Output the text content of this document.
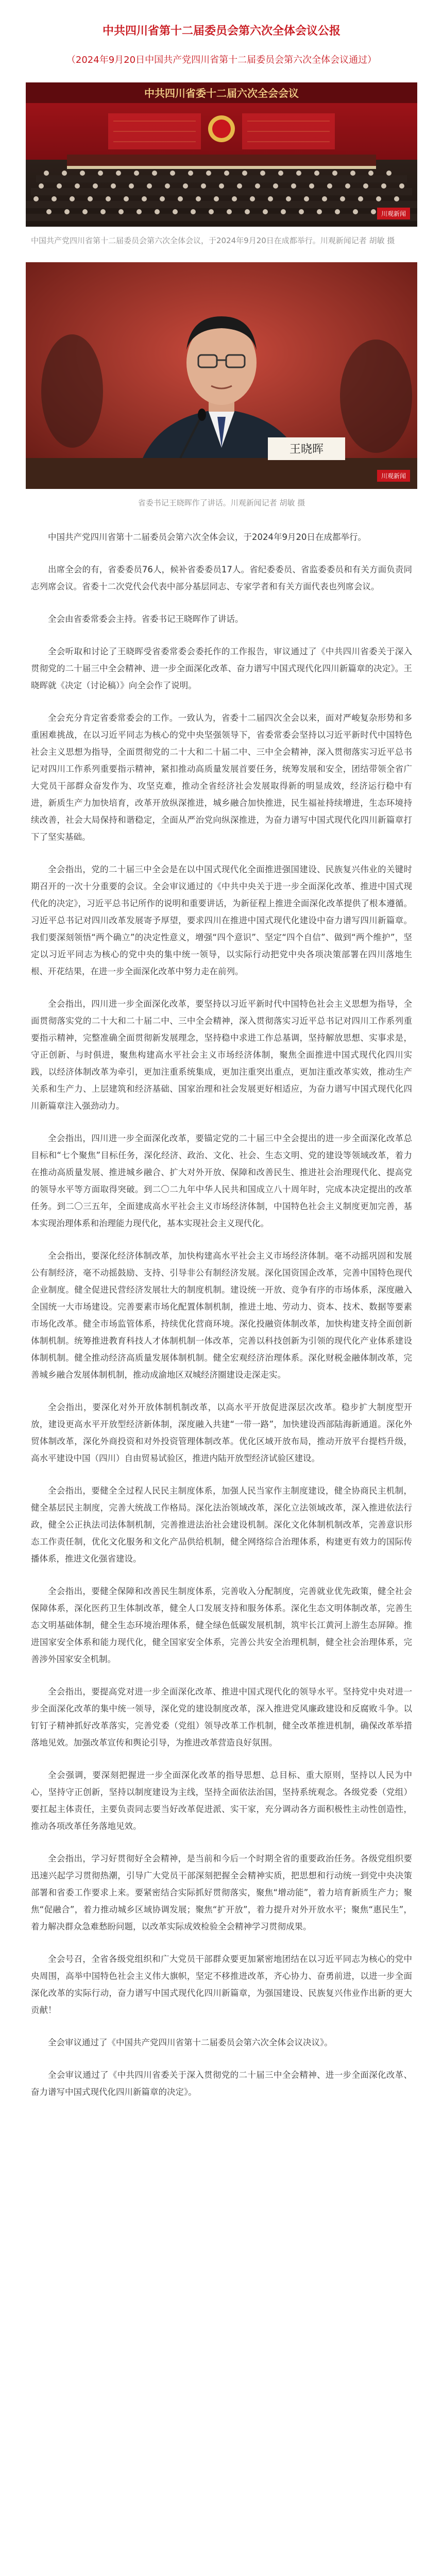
中共四川省第十二届委员会第六次全体会议公报
（2024年9月20日中国共产党四川省第十二届委员会第六次全体会议通过）
中共四川省委十二届六次全会会议
川观新闻
中国共产党四川省第十二届委员会第六次全体会议，于2024年9月20日在成都举行。川观新闻记者 胡敏 摄
王晓晖
川观新闻
省委书记王晓晖作了讲话。川观新闻记者 胡敏 摄

中国共产党四川省第十二届委员会第六次全体会议，于2024年9月20日在成都举行。

出席全会的有，省委委员76人，候补省委委员17人。省纪委委员、省监委委员和有关方面负责同志列席会议。省委十二次党代会代表中部分基层同志、专家学者和有关方面代表也列席会议。

全会由省委常委会主持。省委书记王晓晖作了讲话。

全会听取和讨论了王晓晖受省委常委会委托作的工作报告，审议通过了《中共四川省委关于深入贯彻党的二十届三中全会精神、进一步全面深化改革、奋力谱写中国式现代化四川新篇章的决定》。王晓晖就《决定（讨论稿）》向全会作了说明。

全会充分肯定省委常委会的工作。一致认为，省委十二届四次全会以来，面对严峻复杂形势和多重困难挑战，在以习近平同志为核心的党中央坚强领导下，省委常委会坚持以习近平新时代中国特色社会主义思想为指导，全面贯彻党的二十大和二十届二中、三中全会精神，深入贯彻落实习近平总书记对四川工作系列重要指示精神，紧扣推动高质量发展首要任务，统筹发展和安全，团结带领全省广大党员干部群众奋发作为、攻坚克难，推动全省经济社会发展取得新的明显成效，经济运行稳中有进，新质生产力加快培育，改革开放纵深推进，城乡融合加快推进，民生福祉持续增进，生态环境持续改善，社会大局保持和谐稳定，全面从严治党向纵深推进，为奋力谱写中国式现代化四川新篇章打下了坚实基础。

全会指出，党的二十届三中全会是在以中国式现代化全面推进强国建设、民族复兴伟业的关键时期召开的一次十分重要的会议。全会审议通过的《中共中央关于进一步全面深化改革、推进中国式现代化的决定》，习近平总书记所作的说明和重要讲话，为新征程上推进全面深化改革提供了根本遵循。习近平总书记对四川改革发展寄予厚望，要求四川在推进中国式现代化建设中奋力谱写四川新篇章。我们要深刻领悟“两个确立”的决定性意义，增强“四个意识”、坚定“四个自信”、做到“两个维护”，坚定以习近平同志为核心的党中央的集中统一领导，以实际行动把党中央各项决策部署在四川落地生根、开花结果，在进一步全面深化改革中努力走在前列。

全会指出，四川进一步全面深化改革，要坚持以习近平新时代中国特色社会主义思想为指导，全面贯彻落实党的二十大和二十届二中、三中全会精神，深入贯彻落实习近平总书记对四川工作系列重要指示精神，完整准确全面贯彻新发展理念，坚持稳中求进工作总基调，坚持解放思想、实事求是，守正创新、与时俱进，聚焦构建高水平社会主义市场经济体制，聚焦全面推进中国式现代化四川实践，以经济体制改革为牵引，更加注重系统集成，更加注重突出重点，更加注重改革实效，推动生产关系和生产力、上层建筑和经济基础、国家治理和社会发展更好相适应，为奋力谱写中国式现代化四川新篇章注入强劲动力。

全会指出，四川进一步全面深化改革，要锚定党的二十届三中全会提出的进一步全面深化改革总目标和“七个聚焦”目标任务，深化经济、政治、文化、社会、生态文明、党的建设等领域改革，着力在推动高质量发展、推进城乡融合、扩大对外开放、保障和改善民生、推进社会治理现代化、提高党的领导水平等方面取得突破。到二〇二九年中华人民共和国成立八十周年时，完成本决定提出的改革任务。到二〇三五年，全面建成高水平社会主义市场经济体制，中国特色社会主义制度更加完善，基本实现治理体系和治理能力现代化，基本实现社会主义现代化。

全会指出，要深化经济体制改革，加快构建高水平社会主义市场经济体制。毫不动摇巩固和发展公有制经济，毫不动摇鼓励、支持、引导非公有制经济发展。深化国资国企改革，完善中国特色现代企业制度。健全促进民营经济发展壮大的制度机制。建设统一开放、竞争有序的市场体系，深度融入全国统一大市场建设。完善要素市场化配置体制机制，推进土地、劳动力、资本、技术、数据等要素市场化改革。健全市场监管体系，持续优化营商环境。深化投融资体制改革，加快构建支持全面创新体制机制。统筹推进教育科技人才体制机制一体改革，完善以科技创新为引领的现代化产业体系建设体制机制。健全推动经济高质量发展体制机制。健全宏观经济治理体系。深化财税金融体制改革，完善城乡融合发展体制机制，推动成渝地区双城经济圈建设走深走实。

全会指出，要深化对外开放体制机制改革，以高水平开放促进深层次改革。稳步扩大制度型开放，建设更高水平开放型经济新体制，深度融入共建“一带一路”，加快建设西部陆海新通道。深化外贸体制改革，深化外商投资和对外投资管理体制改革。优化区域开放布局，推动开放平台提档升级，高水平建设中国（四川）自由贸易试验区，推进内陆开放型经济试验区建设。

全会指出，要健全全过程人民民主制度体系，加强人民当家作主制度建设，健全协商民主机制，健全基层民主制度，完善大统战工作格局。深化法治领域改革，深化立法领域改革，深入推进依法行政，健全公正执法司法体制机制，完善推进法治社会建设机制。深化文化体制机制改革，完善意识形态工作责任制，优化文化服务和文化产品供给机制，健全网络综合治理体系，构建更有效力的国际传播体系，推进文化强省建设。

全会指出，要健全保障和改善民生制度体系，完善收入分配制度，完善就业优先政策，健全社会保障体系，深化医药卫生体制改革，健全人口发展支持和服务体系。深化生态文明体制改革，完善生态文明基础体制，健全生态环境治理体系，健全绿色低碳发展机制，筑牢长江黄河上游生态屏障。推进国家安全体系和能力现代化，健全国家安全体系，完善公共安全治理机制，健全社会治理体系，完善涉外国家安全机制。

全会指出，要提高党对进一步全面深化改革、推进中国式现代化的领导水平。坚持党中央对进一步全面深化改革的集中统一领导，深化党的建设制度改革，深入推进党风廉政建设和反腐败斗争。以钉钉子精神抓好改革落实，完善党委（党组）领导改革工作机制，健全改革推进机制，确保改革举措落地见效。加强改革宣传和舆论引导，为推进改革营造良好氛围。

全会强调，要深刻把握进一步全面深化改革的指导思想、总目标、重大原则，坚持以人民为中心，坚持守正创新，坚持以制度建设为主线，坚持全面依法治国，坚持系统观念。各级党委（党组）要扛起主体责任，主要负责同志要当好改革促进派、实干家，充分调动各方面积极性主动性创造性，推动各项改革任务落地见效。

全会指出，学习好贯彻好全会精神，是当前和今后一个时期全省的重要政治任务。各级党组织要迅速兴起学习贯彻热潮，引导广大党员干部深刻把握全会精神实质，把思想和行动统一到党中央决策部署和省委工作要求上来。要紧密结合实际抓好贯彻落实，聚焦“增动能”，着力培育新质生产力；聚焦“促融合”，着力推动城乡区域协调发展；聚焦“扩开放”，着力提升对外开放水平；聚焦“惠民生”，着力解决群众急难愁盼问题，以改革实际成效检验全会精神学习贯彻成果。

全会号召，全省各级党组织和广大党员干部群众要更加紧密地团结在以习近平同志为核心的党中央周围，高举中国特色社会主义伟大旗帜，坚定不移推进改革，齐心协力、奋勇前进，以进一步全面深化改革的实际行动，奋力谱写中国式现代化四川新篇章，为强国建设、民族复兴伟业作出新的更大贡献！

全会审议通过了《中国共产党四川省第十二届委员会第六次全体会议决议》。

全会审议通过了《中共四川省委关于深入贯彻党的二十届三中全会精神、进一步全面深化改革、奋力谱写中国式现代化四川新篇章的决定》。
